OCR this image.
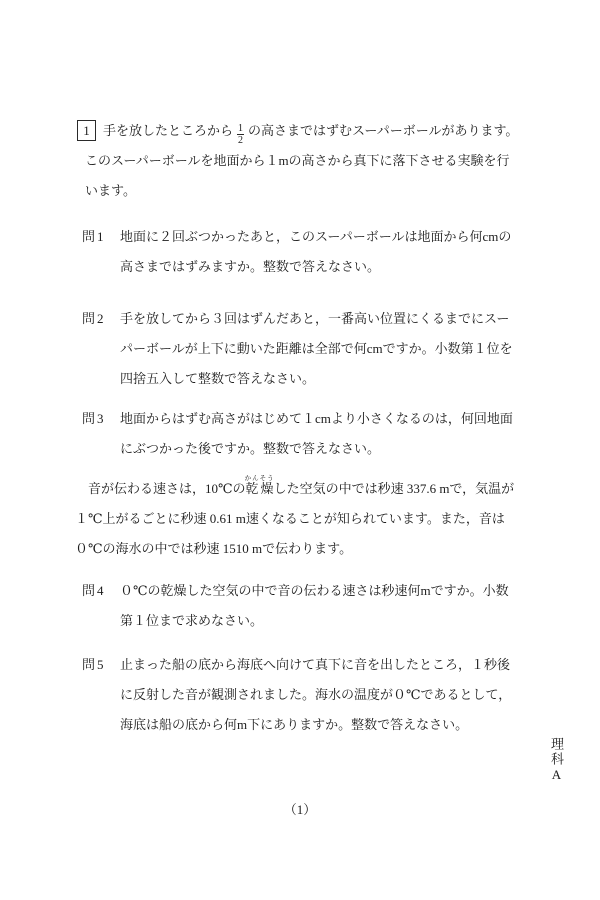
1	手を放したところから $\frac{1}{2}$ の高さまではずむスーパーボールがあります。このスーパーボールを地面から１mの高さから真下に落下させる実験を行います。
問1	地面に２回ぶつかったあと，このスーパーボールは地面から何cmの高さまではずみますか。整数で答えなさい。
問2	手を放してから３回はずんだあと，一番高い位置にくるまでにスーパーボールが上下に動いた距離は全部で何cmですか。小数第１位を四捨五入して整数で答えなさい。
問3	地面からはずむ高さがはじめて１cmより小さくなるのは，何回地面にぶつかった後ですか。整数で答えなさい。
音が伝わる速さは，10℃の乾燥かんそうした空気の中では秒速 337.6 mで，気温が１℃上がるごとに秒速 0.61 m速くなることが知られています。また，音は０℃の海水の中では秒速 1510 mで伝わります。
問4	０℃の乾燥した空気の中で音の伝わる速さは秒速何mですか。小数第１位まで求めなさい。
問5	止まった船の底から海底へ向けて真下に音を出したところ，１秒後に反射した音が観測されました。海水の温度が０℃であるとして，海底は船の底から何m下にありますか。整数で答えなさい。
理科A
（1）
